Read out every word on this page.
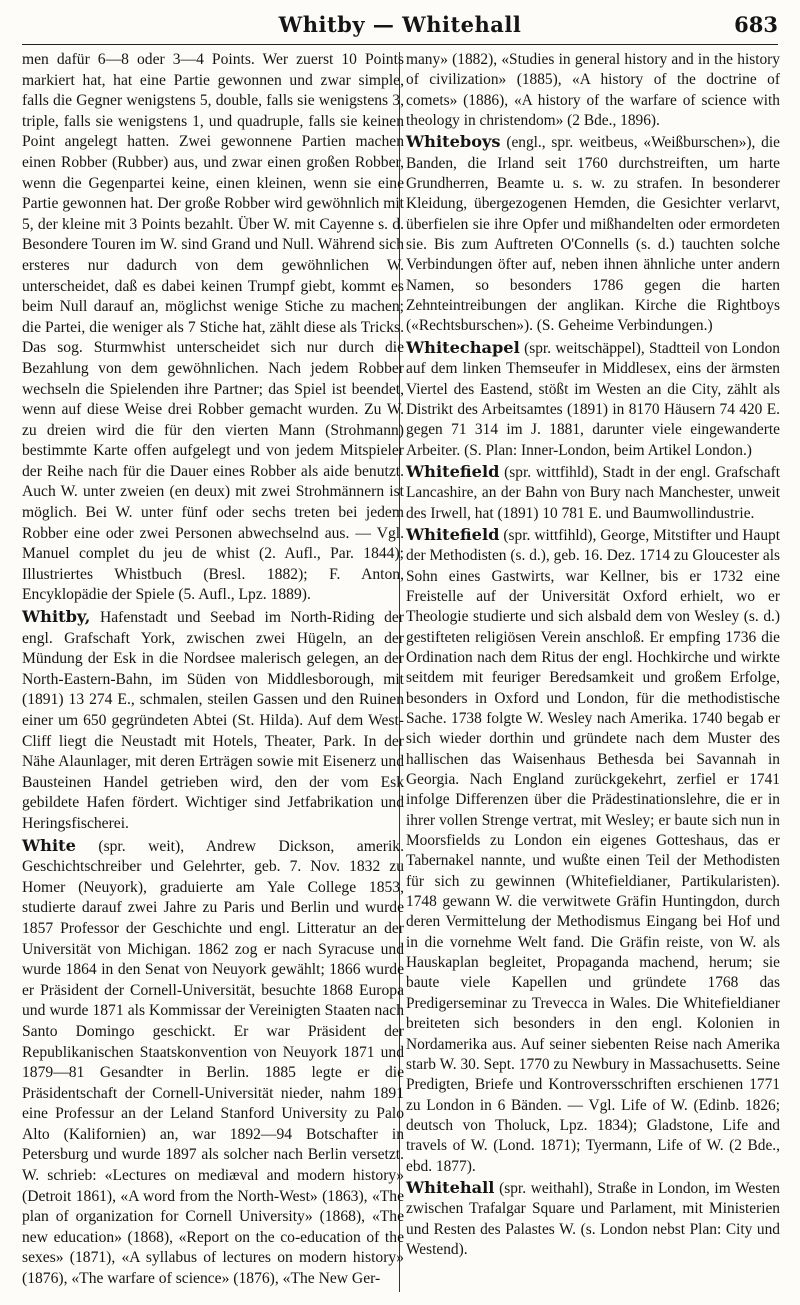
Whitby — Whitehall	683

men dafür 6—8 oder 3—4 Points. Wer zuerst 10 Points markiert hat, hat eine Partie gewonnen und zwar simple, falls die Gegner wenigstens 5, double, falls sie wenigstens 3, triple, falls sie wenigstens 1, und quadruple, falls sie keinen Point angelegt hatten. Zwei gewonnene Partien machen einen Robber (Rubber) aus, und zwar einen großen Robber, wenn die Gegenpartei keine, einen kleinen, wenn sie eine Partie gewonnen hat. Der große Robber wird gewöhnlich mit 5, der kleine mit 3 Points bezahlt. Über W. mit Cayenne s. d. Besondere Touren im W. sind Grand und Null. Während sich ersteres nur dadurch von dem gewöhnlichen W. unterscheidet, daß es dabei keinen Trumpf giebt, kommt es beim Null darauf an, möglichst wenige Stiche zu machen; die Partei, die weniger als 7 Stiche hat, zählt diese als Tricks. Das sog. Sturmwhist unterscheidet sich nur durch die Bezahlung von dem gewöhnlichen. Nach jedem Robber wechseln die Spielenden ihre Partner; das Spiel ist beendet, wenn auf diese Weise drei Robber gemacht wurden. Zu W. zu dreien wird die für den vierten Mann (Strohmann) bestimmte Karte offen aufgelegt und von jedem Mitspieler der Reihe nach für die Dauer eines Robber als aide benutzt. Auch W. unter zweien (en deux) mit zwei Strohmännern ist möglich. Bei W. unter fünf oder sechs treten bei jedem Robber eine oder zwei Personen abwechselnd aus. — Vgl. Manuel complet du jeu de whist (2. Aufl., Par. 1844); Illustriertes Whistbuch (Bresl. 1882); F. Anton, Encyklopädie der Spiele (5. Aufl., Lpz. 1889).

Whitby, Hafenstadt und Seebad im North-Riding der engl. Grafschaft York, zwischen zwei Hügeln, an der Mündung der Esk in die Nordsee malerisch gelegen, an der North-Eastern-Bahn, im Süden von Middlesborough, mit (1891) 13 274 E., schmalen, steilen Gassen und den Ruinen einer um 650 gegründeten Abtei (St. Hilda). Auf dem West-Cliff liegt die Neustadt mit Hotels, Theater, Park. In der Nähe Alaunlager, mit deren Erträgen sowie mit Eisenerz und Bausteinen Handel getrieben wird, den der vom Esk gebildete Hafen fördert. Wichtiger sind Jetfabrikation und Heringsfischerei.

White (spr. weit), Andrew Dickson, amerik. Geschichtschreiber und Gelehrter, geb. 7. Nov. 1832 zu Homer (Neuyork), graduierte am Yale College 1853, studierte darauf zwei Jahre zu Paris und Berlin und wurde 1857 Professor der Geschichte und engl. Litteratur an der Universität von Michigan. 1862 zog er nach Syracuse und wurde 1864 in den Senat von Neuyork gewählt; 1866 wurde er Präsident der Cornell-Universität, besuchte 1868 Europa und wurde 1871 als Kommissar der Vereinigten Staaten nach Santo Domingo geschickt. Er war Präsident der Republikanischen Staatskonvention von Neuyork 1871 und 1879—81 Gesandter in Berlin. 1885 legte er die Präsidentschaft der Cornell-Universität nieder, nahm 1891 eine Professur an der Leland Stanford University zu Palo Alto (Kalifornien) an, war 1892—94 Botschafter in Petersburg und wurde 1897 als solcher nach Berlin versetzt. W. schrieb: «Lectures on mediæval and modern history» (Detroit 1861), «A word from the North-West» (1863), «The plan of organization for Cornell University» (1868), «The new education» (1868), «Report on the co-education of the sexes» (1871), «A syllabus of lectures on modern history» (1876), «The warfare of science» (1876), «The New Ger-

many» (1882), «Studies in general history and in the history of civilization» (1885), «A history of the doctrine of comets» (1886), «A history of the warfare of science with theology in christendom» (2 Bde., 1896).

Whiteboys (engl., spr. weitbeus, «Weißburschen»), die Banden, die Irland seit 1760 durchstreiften, um harte Grundherren, Beamte u. s. w. zu strafen. In besonderer Kleidung, übergezogenen Hemden, die Gesichter verlarvt, überfielen sie ihre Opfer und mißhandelten oder ermordeten sie. Bis zum Auftreten O'Connells (s. d.) tauchten solche Verbindungen öfter auf, neben ihnen ähnliche unter andern Namen, so besonders 1786 gegen die harten Zehnteintreibungen der anglikan. Kirche die Rightboys («Rechtsburschen»). (S. Geheime Verbindungen.)

Whitechapel (spr. weitschäppel), Stadtteil von London auf dem linken Themseufer in Middlesex, eins der ärmsten Viertel des Eastend, stößt im Westen an die City, zählt als Distrikt des Arbeitsamtes (1891) in 8170 Häusern 74 420 E. gegen 71 314 im J. 1881, darunter viele eingewanderte Arbeiter. (S. Plan: Inner-London, beim Artikel London.)

Whitefield (spr. wittfihld), Stadt in der engl. Grafschaft Lancashire, an der Bahn von Bury nach Manchester, unweit des Irwell, hat (1891) 10 781 E. und Baumwollindustrie.

Whitefield (spr. wittfihld), George, Mitstifter und Haupt der Methodisten (s. d.), geb. 16. Dez. 1714 zu Gloucester als Sohn eines Gastwirts, war Kellner, bis er 1732 eine Freistelle auf der Universität Oxford erhielt, wo er Theologie studierte und sich alsbald dem von Wesley (s. d.) gestifteten religiösen Verein anschloß. Er empfing 1736 die Ordination nach dem Ritus der engl. Hochkirche und wirkte seitdem mit feuriger Beredsamkeit und großem Erfolge, besonders in Oxford und London, für die methodistische Sache. 1738 folgte W. Wesley nach Amerika. 1740 begab er sich wieder dorthin und gründete nach dem Muster des hallischen das Waisenhaus Bethesda bei Savannah in Georgia. Nach England zurückgekehrt, zerfiel er 1741 infolge Differenzen über die Prädestinationslehre, die er in ihrer vollen Strenge vertrat, mit Wesley; er baute sich nun in Moorsfields zu London ein eigenes Gotteshaus, das er Tabernakel nannte, und wußte einen Teil der Methodisten für sich zu gewinnen (Whitefieldianer, Partikularisten). 1748 gewann W. die verwitwete Gräfin Huntingdon, durch deren Vermittelung der Methodismus Eingang bei Hof und in die vornehme Welt fand. Die Gräfin reiste, von W. als Hauskaplan begleitet, Propaganda machend, herum; sie baute viele Kapellen und gründete 1768 das Predigerseminar zu Trevecca in Wales. Die Whitefieldianer breiteten sich besonders in den engl. Kolonien in Nordamerika aus. Auf seiner siebenten Reise nach Amerika starb W. 30. Sept. 1770 zu Newbury in Massachusetts. Seine Predigten, Briefe und Kontroversschriften erschienen 1771 zu London in 6 Bänden. — Vgl. Life of W. (Edinb. 1826; deutsch von Tholuck, Lpz. 1834); Gladstone, Life and travels of W. (Lond. 1871); Tyermann, Life of W. (2 Bde., ebd. 1877).

Whitehall (spr. weithahl), Straße in London, im Westen zwischen Trafalgar Square und Parlament, mit Ministerien und Resten des Palastes W. (s. London nebst Plan: City und Westend).
